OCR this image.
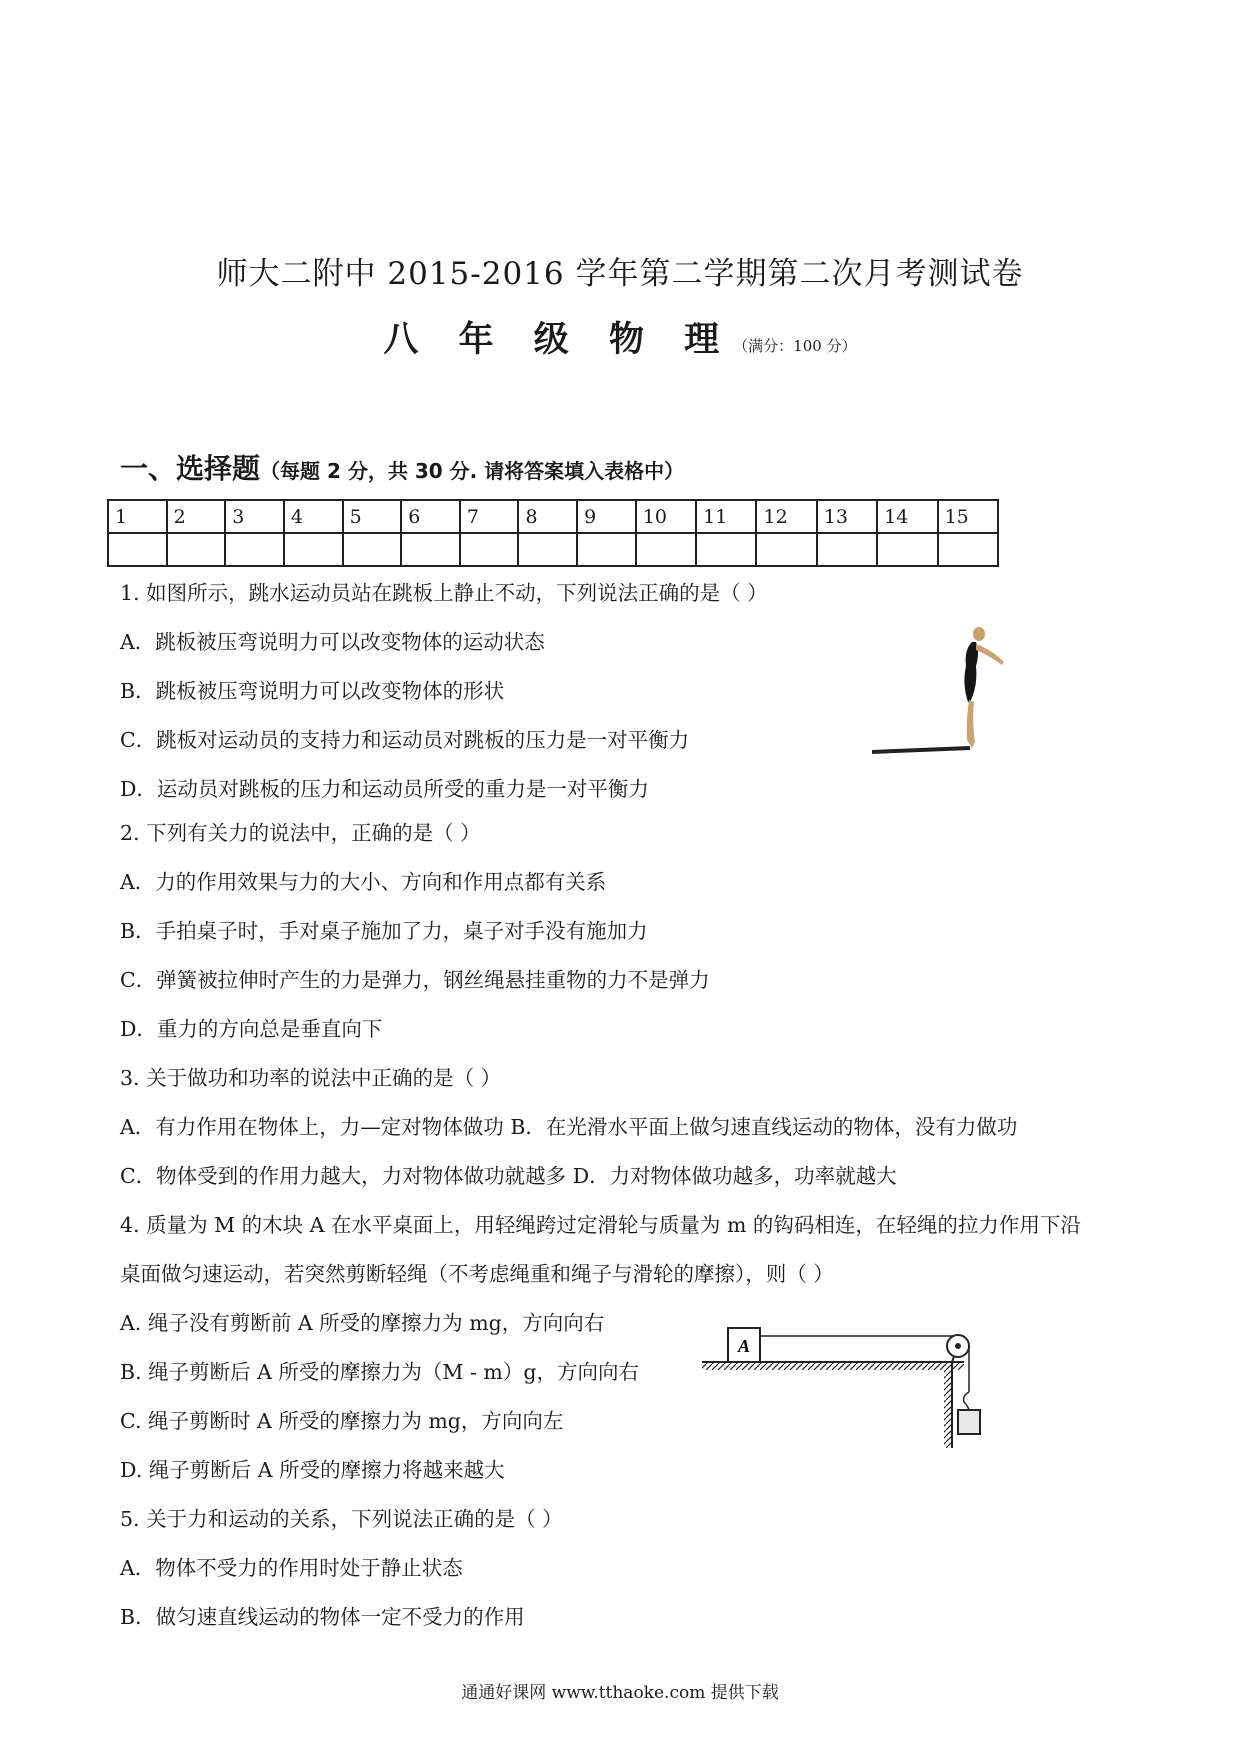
师大二附中 2015-2016 学年第二学期第二次月考测试卷
八 年 级 物 理（满分：100 分）
一、选择题（每题 2 分，共 30 分. 请将答案填入表格中）
1	2	3	4	5	6	7	8	9	10	11	12	13	14	15

1. 如图所示，跳水运动员站在跳板上静止不动，下列说法正确的是（ ）
A．跳板被压弯说明力可以改变物体的运动状态
B．跳板被压弯说明力可以改变物体的形状
C．跳板对运动员的支持力和运动员对跳板的压力是一对平衡力
D．运动员对跳板的压力和运动员所受的重力是一对平衡力
2. 下列有关力的说法中，正确的是（ ）
A．力的作用效果与力的大小、方向和作用点都有关系
B．手拍桌子时，手对桌子施加了力，桌子对手没有施加力
C．弹簧被拉伸时产生的力是弹力，钢丝绳悬挂重物的力不是弹力
D．重力的方向总是垂直向下
3. 关于做功和功率的说法中正确的是（ ）
A．有力作用在物体上，力—定对物体做功 B．在光滑水平面上做匀速直线运动的物体，没有力做功
C．物体受到的作用力越大，力对物体做功就越多 D．力对物体做功越多，功率就越大
4. 质量为 M 的木块 A 在水平桌面上，用轻绳跨过定滑轮与质量为 m 的钩码相连，在轻绳的拉力作用下沿
桌面做匀速运动，若突然剪断轻绳（不考虑绳重和绳子与滑轮的摩擦），则（ ）
A. 绳子没有剪断前 A 所受的摩擦力为 mg，方向向右
B. 绳子剪断后 A 所受的摩擦力为（M - m）g，方向向右
C. 绳子剪断时 A 所受的摩擦力为 mg，方向向左
D. 绳子剪断后 A 所受的摩擦力将越来越大
A
5. 关于力和运动的关系，下列说法正确的是（ ）
A．物体不受力的作用时处于静止状态
B．做匀速直线运动的物体一定不受力的作用
通通好课网 www.tthaoke.com 提供下载
